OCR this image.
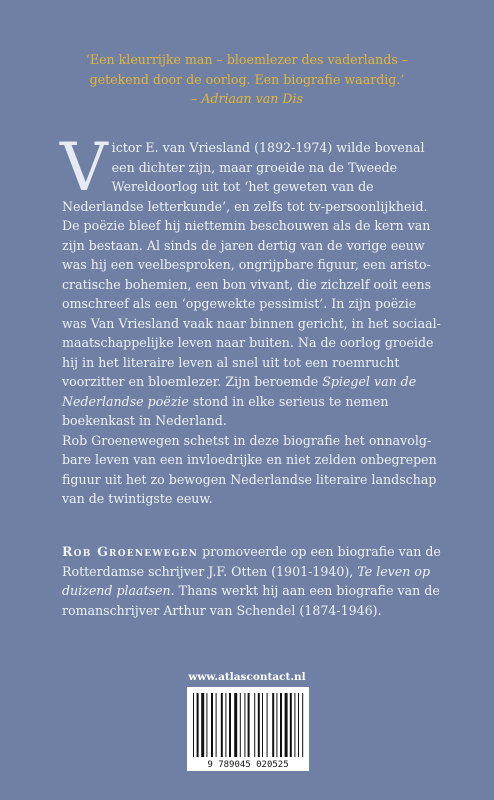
‘Een kleurrijke man – bloemlezer des vaderlands –
getekend door de oorlog. Een biografie waardig.’
– Adriaan van Dis

Victor E. van Vriesland (1892-1974) wilde bovenal een dichter zijn, maar groeide na de Tweede Wereldoorlog uit tot ‘het geweten van de Nederlandse letterkunde’, en zelfs tot tv-persoonlijkheid. De poëzie bleef hij niettemin beschouwen als de kern van zijn bestaan. Al sinds de jaren dertig van de vorige eeuw was hij een veelbesproken, ongrijpbare figuur, een aristocratische bohemien, een bon vivant, die zichzelf ooit eens omschreef als een ‘opgewekte pessimist’. In zijn poëzie was Van Vriesland vaak naar binnen gericht, in het sociaal-maatschappelijke leven naar buiten. Na de oorlog groeide hij in het literaire leven al snel uit tot een roemrucht voorzitter en bloemlezer. Zijn beroemde Spiegel van de Nederlandse poëzie stond in elke serieus te nemen boekenkast in Nederland.

Rob Groenewegen schetst in deze biografie het onnavolgbare leven van een invloedrijke en niet zelden onbegrepen figuur uit het zo bewogen Nederlandse literaire landschap van de twintigste eeuw.

Rob Groenewegen promoveerde op een biografie van de Rotterdamse schrijver J.F. Otten (1901-1940), Te leven op duizend plaatsen. Thans werkt hij aan een biografie van de romanschrijver Arthur van Schendel (1874-1946).
www.atlascontact.nl
9 789045 020525
